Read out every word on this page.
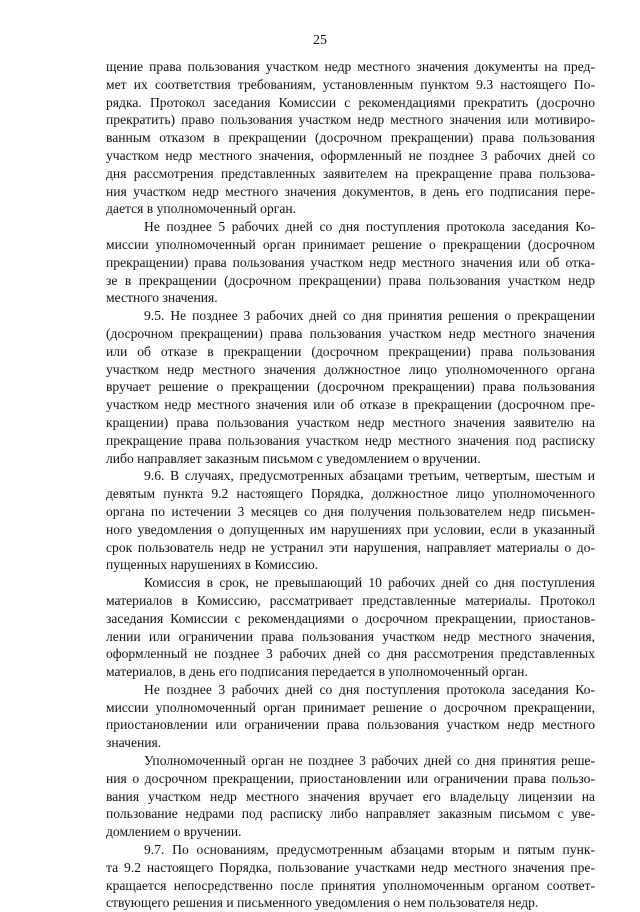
25
щение права пользования участком недр местного значения документы на пред-
мет их соответствия требованиям, установленным пунктом 9.3 настоящего По-
рядка. Протокол заседания Комиссии с рекомендациями прекратить (досрочно
прекратить) право пользования участком недр местного значения или мотивиро-
ванным отказом в прекращении (досрочном прекращении) права пользования
участком недр местного значения, оформленный не позднее 3 рабочих дней со
дня рассмотрения представленных заявителем на прекращение права пользова-
ния участком недр местного значения документов, в день его подписания пере-
дается в уполномоченный орган.
Не позднее 5 рабочих дней со дня поступления протокола заседания Ко-
миссии уполномоченный орган принимает решение о прекращении (досрочном
прекращении) права пользования участком недр местного значения или об отка-
зе в прекращении (досрочном прекращении) права пользования участком недр
местного значения.
9.5. Не позднее 3 рабочих дней со дня принятия решения о прекращении
(досрочном прекращении) права пользования участком недр местного значения
или об отказе в прекращении (досрочном прекращении) права пользования
участком недр местного значения должностное лицо уполномоченного органа
вручает решение о прекращении (досрочном прекращении) права пользования
участком недр местного значения или об отказе в прекращении (досрочном пре-
кращении) права пользования участком недр местного значения заявителю на
прекращение права пользования участком недр местного значения под расписку
либо направляет заказным письмом с уведомлением о вручении.
9.6. В случаях, предусмотренных абзацами третьим, четвертым, шестым и
девятым пункта 9.2 настоящего Порядка, должностное лицо уполномоченного
органа по истечении 3 месяцев со дня получения пользователем недр письмен-
ного уведомления о допущенных им нарушениях при условии, если в указанный
срок пользователь недр не устранил эти нарушения, направляет материалы о до-
пущенных нарушениях в Комиссию.
Комиссия в срок, не превышающий 10 рабочих дней со дня поступления
материалов в Комиссию, рассматривает представленные материалы. Протокол
заседания Комиссии с рекомендациями о досрочном прекращении, приостанов-
лении или ограничении права пользования участком недр местного значения,
оформленный не позднее 3 рабочих дней со дня рассмотрения представленных
материалов, в день его подписания передается в уполномоченный орган.
Не позднее 3 рабочих дней со дня поступления протокола заседания Ко-
миссии уполномоченный орган принимает решение о досрочном прекращении,
приостановлении или ограничении права пользования участком недр местного
значения.
Уполномоченный орган не позднее 3 рабочих дней со дня принятия реше-
ния о досрочном прекращении, приостановлении или ограничении права пользо-
вания участком недр местного значения вручает его владельцу лицензии на
пользование недрами под расписку либо направляет заказным письмом с уве-
домлением о вручении.
9.7. По основаниям, предусмотренным абзацами вторым и пятым пунк-
та 9.2 настоящего Порядка, пользование участками недр местного значения пре-
кращается непосредственно после принятия уполномоченным органом соответ-
ствующего решения и письменного уведомления о нем пользователя недр.
